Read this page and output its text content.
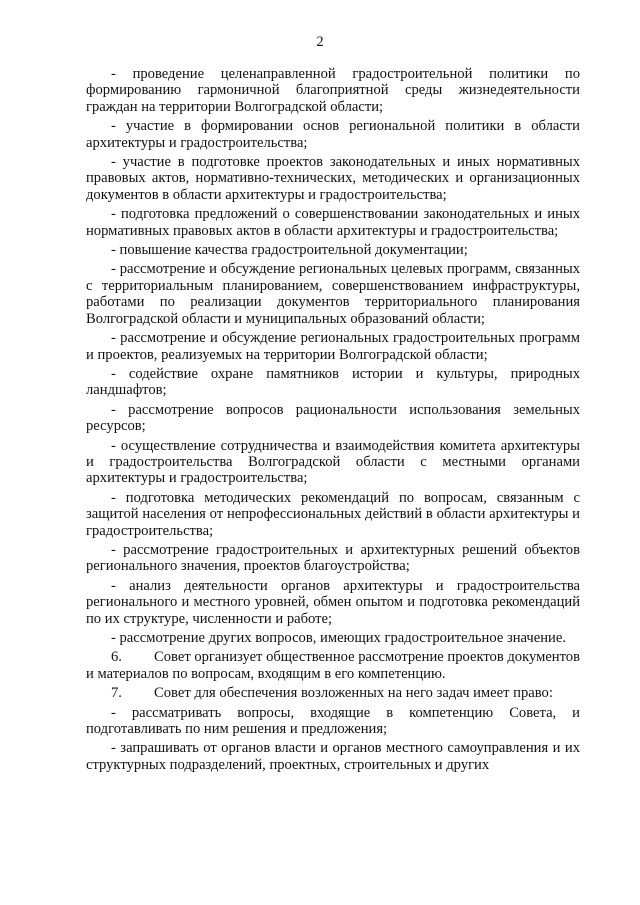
2

- проведение целенаправленной градостроительной политики по формированию гармоничной благоприятной среды жизнедеятельности граждан на территории Волгоградской области;

- участие в формировании основ региональной политики в области архитектуры и градостроительства;

- участие в подготовке проектов законодательных и иных нормативных правовых актов, нормативно-технических, методических и организационных документов в области архитектуры и градостроительства;

- подготовка предложений о совершенствовании законодательных и иных нормативных правовых актов в области архитектуры и градостроительства;

- повышение качества градостроительной документации;

- рассмотрение и обсуждение региональных целевых программ, связанных с территориальным планированием, совершенствованием инфраструктуры, работами по реализации документов территориального планирования Волгоградской области и муниципальных образований области;

- рассмотрение и обсуждение региональных градостроительных программ и проектов, реализуемых на территории Волгоградской области;

- содействие охране памятников истории и культуры, природных ландшафтов;

- рассмотрение вопросов рациональности использования земельных ресурсов;

- осуществление сотрудничества и взаимодействия комитета архитектуры и градостроительства Волгоградской области с местными органами архитектуры и градостроительства;

- подготовка методических рекомендаций по вопросам, связанным с защитой населения от непрофессиональных действий в области архитектуры и градостроительства;

- рассмотрение градостроительных и архитектурных решений объектов регионального значения, проектов благоустройства;

- анализ деятельности органов архитектуры и градостроительства регионального и местного уровней, обмен опытом и подготовка рекомендаций по их структуре, численности и работе;

- рассмотрение других вопросов, имеющих градостроительное значение.

6. Совет организует общественное рассмотрение проектов документов и материалов по вопросам, входящим в его компетенцию.

7. Совет для обеспечения возложенных на него задач имеет право:

- рассматривать вопросы, входящие в компетенцию Совета, и подготавливать по ним решения и предложения;

- запрашивать от органов власти и органов местного самоуправления и их структурных подразделений, проектных, строительных и других
